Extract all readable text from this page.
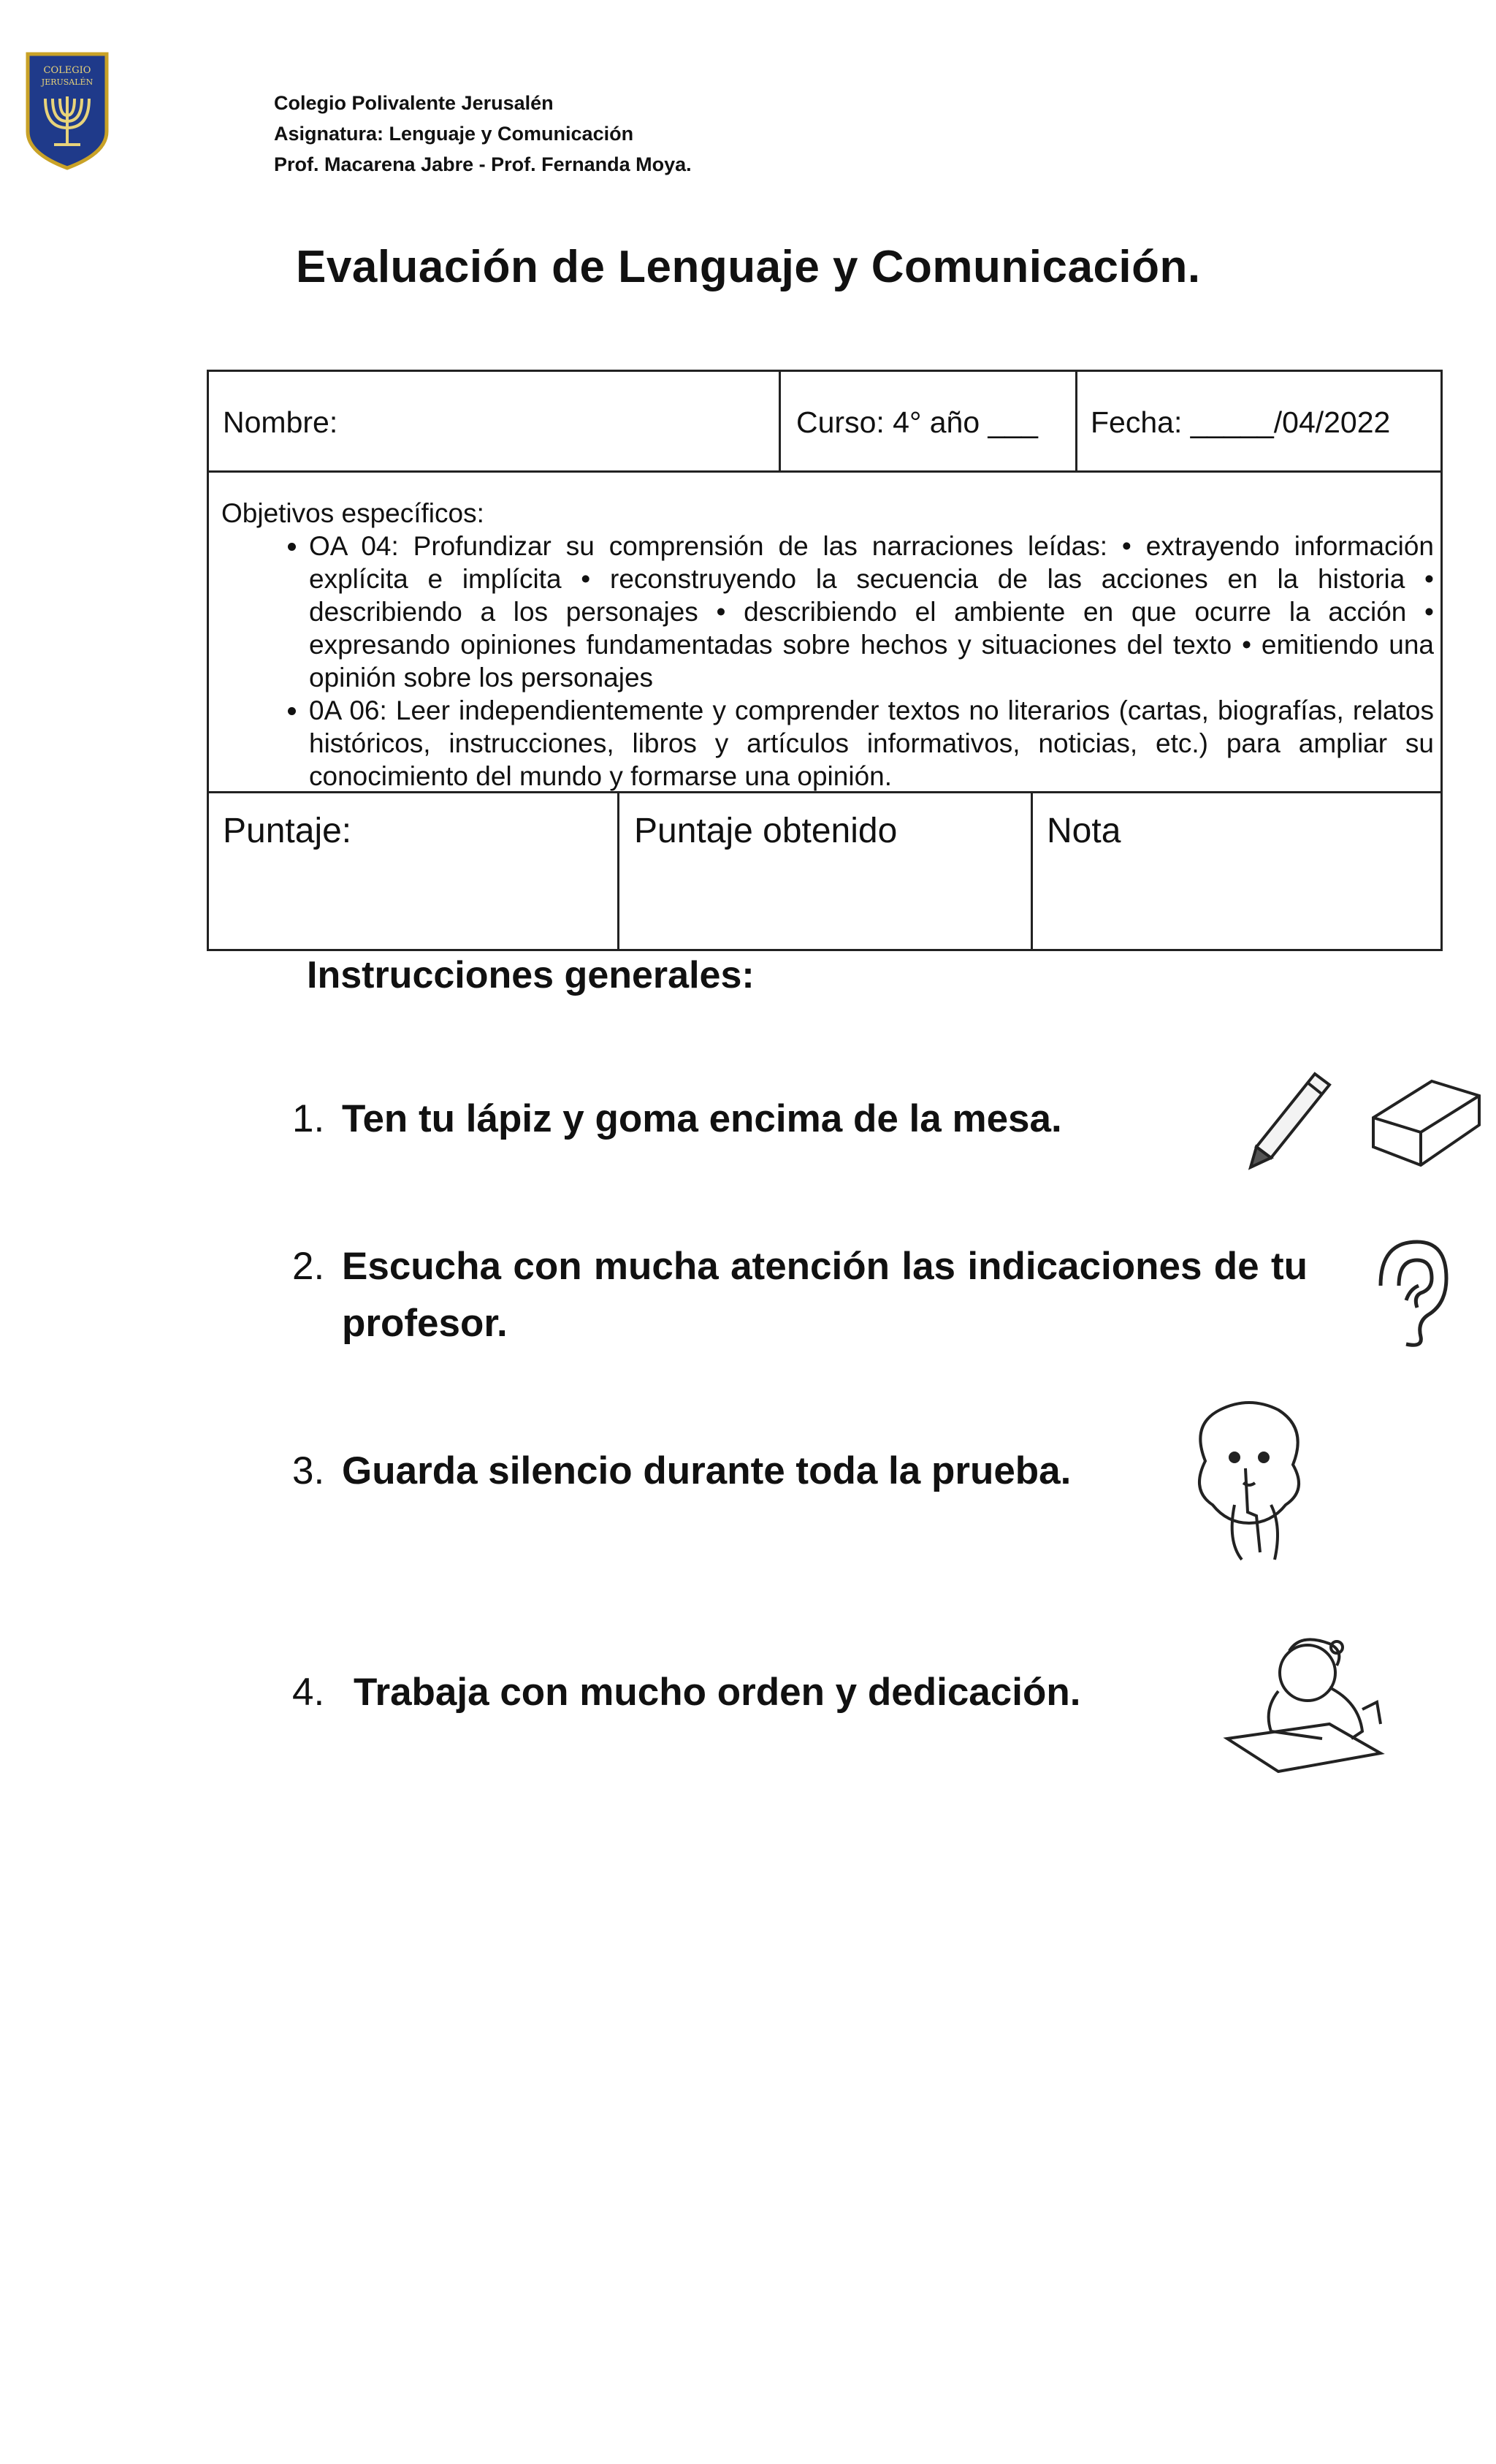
COLEGIO
JERUSALÉN
Colegio Polivalente Jerusalén
Asignatura: Lenguaje y Comunicación
Prof. Macarena Jabre - Prof. Fernanda Moya.
Evaluación de Lenguaje y Comunicación.
Nombre:	Curso: 4° año ___ Fecha: _____/04/2022
Objetivos específicos:
• OA 04: Profundizar su comprensión de las narraciones leídas: • extrayendo información explícita e implícita • reconstruyendo la secuencia de las acciones en la historia • describiendo a los personajes • describiendo el ambiente en que ocurre la acción • expresando opiniones fundamentadas sobre hechos y situaciones del texto • emitiendo una opinión sobre los personajes
• 0A 06: Leer independientemente y comprender textos no literarios (cartas, biografías, relatos históricos, instrucciones, libros y artículos informativos, noticias, etc.) para ampliar su conocimiento del mundo y formarse una opinión.
Puntaje:	Puntaje obtenido	Nota
Instrucciones generales:
1. Ten tu lápiz y goma encima de la mesa.
2. Escucha con mucha atención las indicaciones de tu profesor.
3. Guarda silencio durante toda la prueba.
4. Trabaja con mucho orden y dedicación.
